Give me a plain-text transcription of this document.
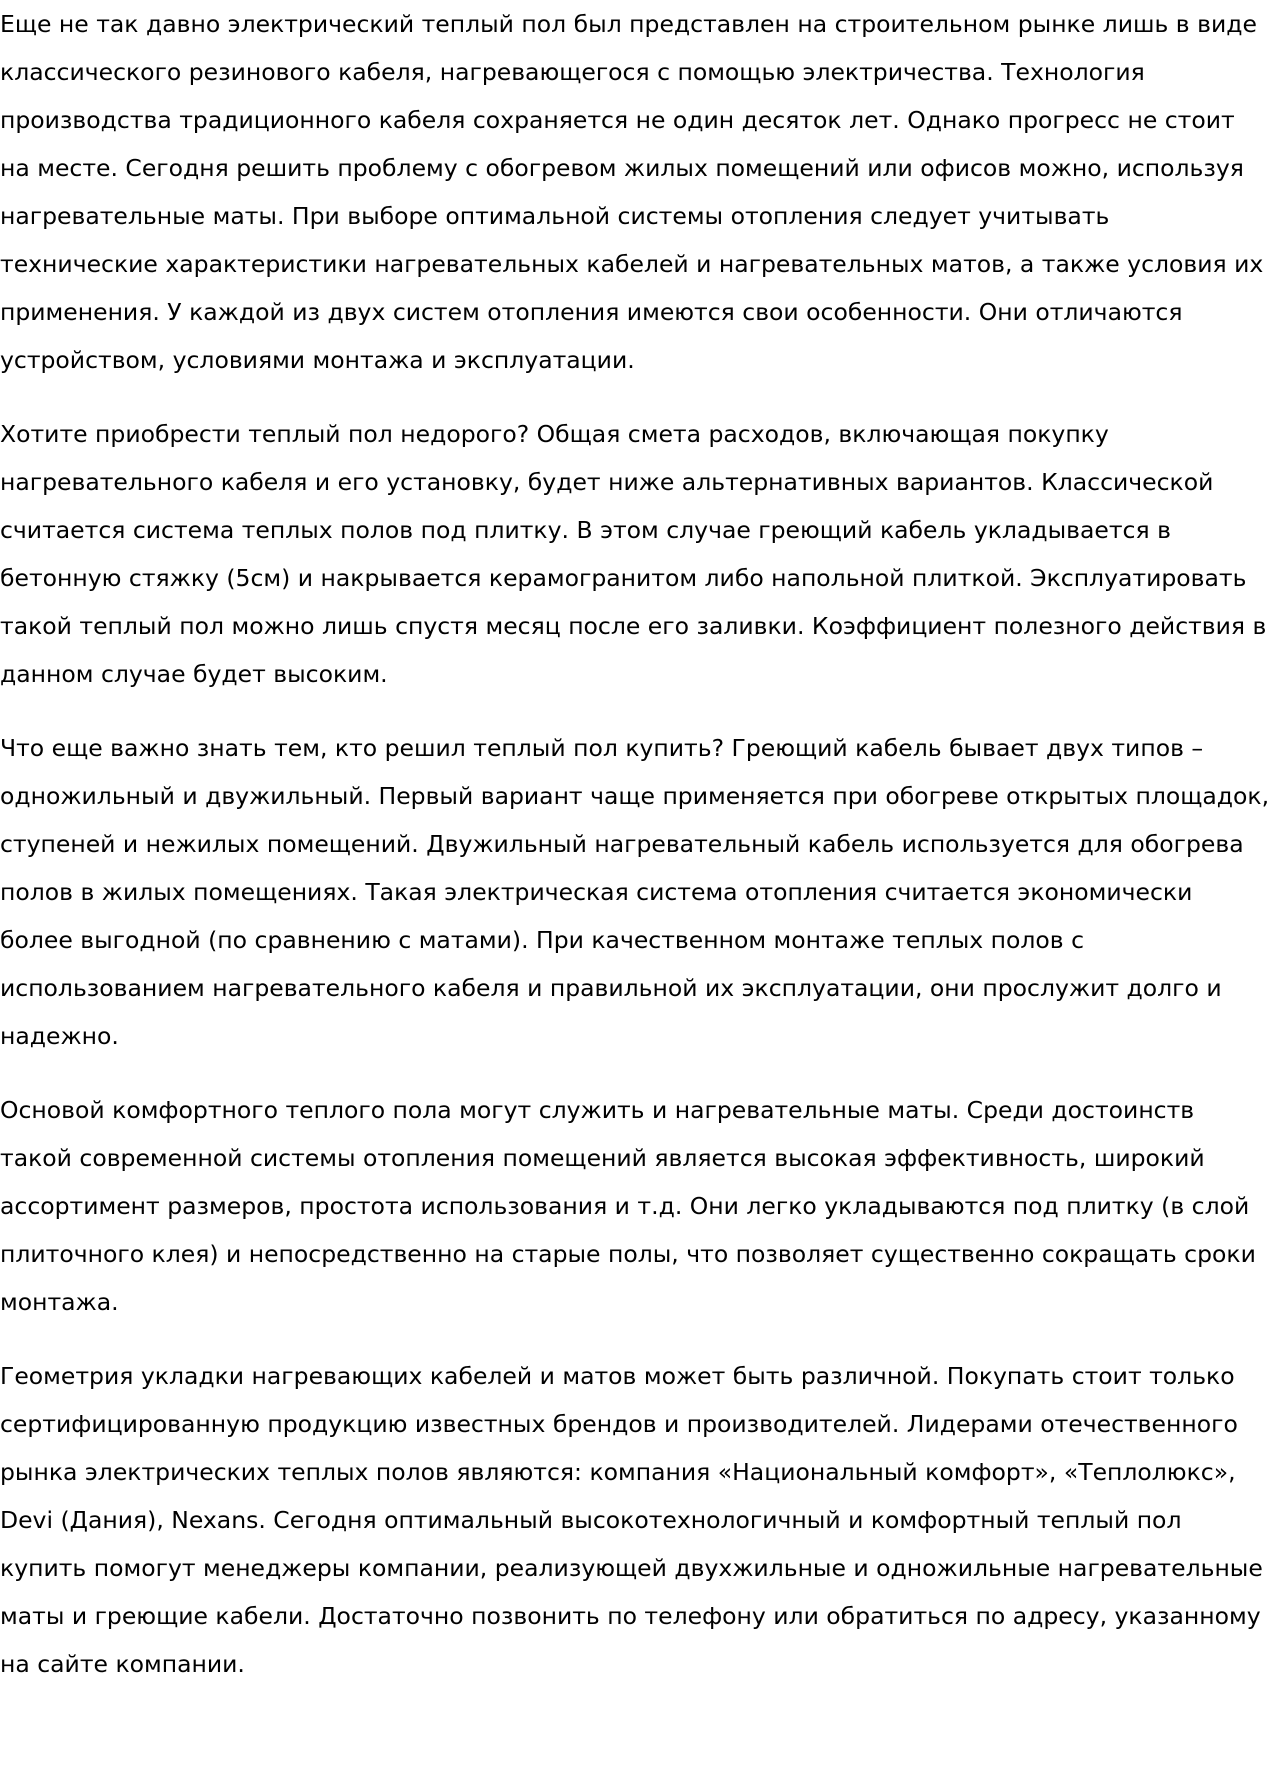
Еще не так давно электрический теплый пол был представлен на строительном рынке лишь в виде классического резинового кабеля, нагревающегося с помощью электричества. Технология производства традиционного кабеля сохраняется не один десяток лет. Однако прогресс не стоит на месте. Сегодня решить проблему с обогревом жилых помещений или офисов можно, используя нагревательные маты. При выборе оптимальной системы отопления следует учитывать технические характеристики нагревательных кабелей и нагревательных матов, а также условия их применения. У каждой из двух систем отопления имеются свои особенности. Они отличаются устройством, условиями монтажа и эксплуатации.

Хотите приобрести теплый пол недорого? Общая смета расходов, включающая покупку нагревательного кабеля и его установку, будет ниже альтернативных вариантов. Классической считается система теплых полов под плитку. В этом случае греющий кабель укладывается в бетонную стяжку (5см) и накрывается керамогранитом либо напольной плиткой. Эксплуатировать такой теплый пол можно лишь спустя месяц после его заливки. Коэффициент полезного действия в данном случае будет высоким.

Что еще важно знать тем, кто решил теплый пол купить? Греющий кабель бывает двух типов – одножильный и двужильный. Первый вариант чаще применяется при обогреве открытых площадок, ступеней и нежилых помещений. Двужильный нагревательный кабель используется для обогрева полов в жилых помещениях. Такая электрическая система отопления считается экономически более выгодной (по сравнению с матами). При качественном монтаже теплых полов с использованием нагревательного кабеля и правильной их эксплуатации, они прослужит долго и надежно.

Основой комфортного теплого пола могут служить и нагревательные маты. Среди достоинств такой современной системы отопления помещений является высокая эффективность, широкий ассортимент размеров, простота использования и т.д. Они легко укладываются под плитку (в слой плиточного клея) и непосредственно на старые полы, что позволяет существенно сокращать сроки монтажа.

Геометрия укладки нагревающих кабелей и матов может быть различной. Покупать стоит только сертифицированную продукцию известных брендов и производителей. Лидерами отечественного рынка электрических теплых полов являются: компания «Национальный комфорт», «Теплолюкс», Devi (Дания), Nexans. Сегодня оптимальный высокотехнологичный и комфортный теплый пол купить помогут менеджеры компании, реализующей двухжильные и одножильные нагревательные маты и греющие кабели. Достаточно позвонить по телефону или обратиться по адресу, указанному на сайте компании.
